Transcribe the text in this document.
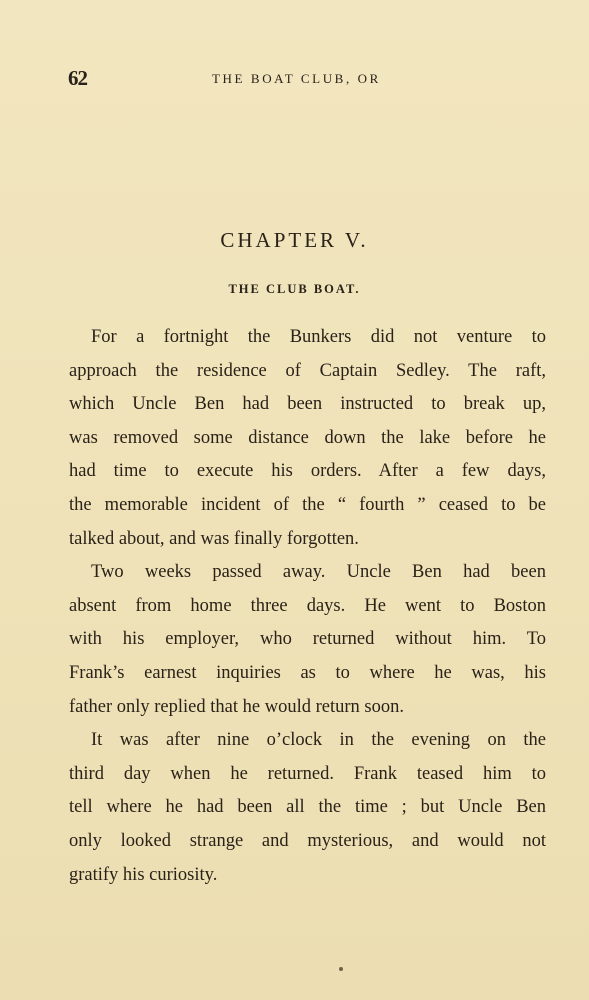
62	THE BOAT CLUB, OR
CHAPTER V.
THE CLUB BOAT.

For a fortnight the Bunkers did not venture to
approach the residence of Captain Sedley. The raft,
which Uncle Ben had been instructed to break up,
was removed some distance down the lake before he
had time to execute his orders. After a few days,
the memorable incident of the “ fourth ” ceased to be
talked about, and was finally forgotten.

Two weeks passed away. Uncle Ben had been
absent from home three days. He went to Boston
with his employer, who returned without him. To
Frank’s earnest inquiries as to where he was, his
father only replied that he would return soon.

It was after nine o’clock in the evening on the
third day when he returned. Frank teased him to
tell where he had been all the time ; but Uncle Ben
only looked strange and mysterious, and would not
gratify his curiosity.
